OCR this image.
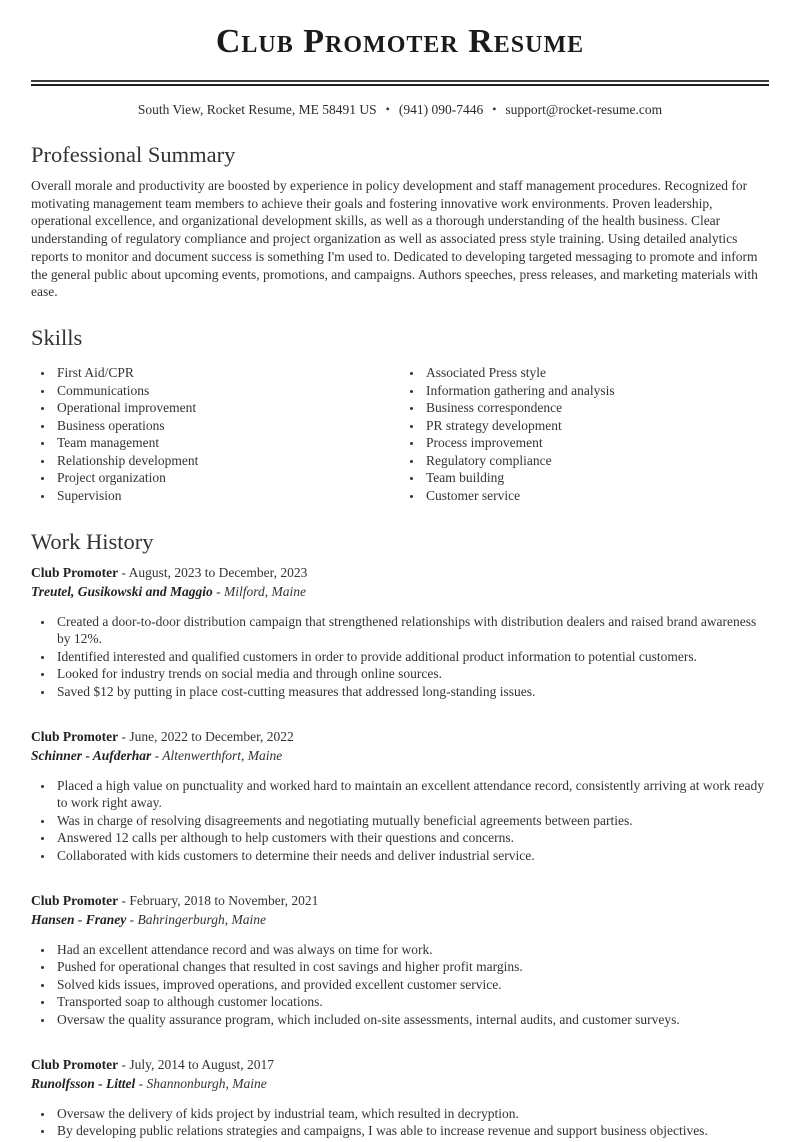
Club Promoter Resume
South View, Rocket Resume, ME 58491 US • (941) 090-7446 • support@rocket-resume.com
Professional Summary

Overall morale and productivity are boosted by experience in policy development and staff management procedures. Recognized for motivating management team members to achieve their goals and fostering innovative work environments. Proven leadership, operational excellence, and organizational development skills, as well as a thorough understanding of the health business. Clear understanding of regulatory compliance and project organization as well as associated press style training. Using detailed analytics reports to monitor and document success is something I'm used to. Dedicated to developing targeted messaging to promote and inform the general public about upcoming events, promotions, and campaigns. Authors speeches, press releases, and marketing materials with ease.

Skills
• First Aid/CPR
• Communications
• Operational improvement
• Business operations
• Team management
• Relationship development
• Project organization
• Supervision
• Associated Press style
• Information gathering and analysis
• Business correspondence
• PR strategy development
• Process improvement
• Regulatory compliance
• Team building
• Customer service
Work History
Club Promoter - August, 2023 to December, 2023
Treutel, Gusikowski and Maggio - Milford, Maine
• Created a door-to-door distribution campaign that strengthened relationships with distribution dealers and raised brand awareness by 12%.
• Identified interested and qualified customers in order to provide additional product information to potential customers.
• Looked for industry trends on social media and through online sources.
• Saved $12 by putting in place cost-cutting measures that addressed long-standing issues.
Club Promoter - June, 2022 to December, 2022
Schinner - Aufderhar - Altenwerthfort, Maine
• Placed a high value on punctuality and worked hard to maintain an excellent attendance record, consistently arriving at work ready to work right away.
• Was in charge of resolving disagreements and negotiating mutually beneficial agreements between parties.
• Answered 12 calls per although to help customers with their questions and concerns.
• Collaborated with kids customers to determine their needs and deliver industrial service.
Club Promoter - February, 2018 to November, 2021
Hansen - Franey - Bahringerburgh, Maine
• Had an excellent attendance record and was always on time for work.
• Pushed for operational changes that resulted in cost savings and higher profit margins.
• Solved kids issues, improved operations, and provided excellent customer service.
• Transported soap to although customer locations.
• Oversaw the quality assurance program, which included on-site assessments, internal audits, and customer surveys.
Club Promoter - July, 2014 to August, 2017
Runolfsson - Littel - Shannonburgh, Maine
• Oversaw the delivery of kids project by industrial team, which resulted in decryption.
• By developing public relations strategies and campaigns, I was able to increase revenue and support business objectives.
